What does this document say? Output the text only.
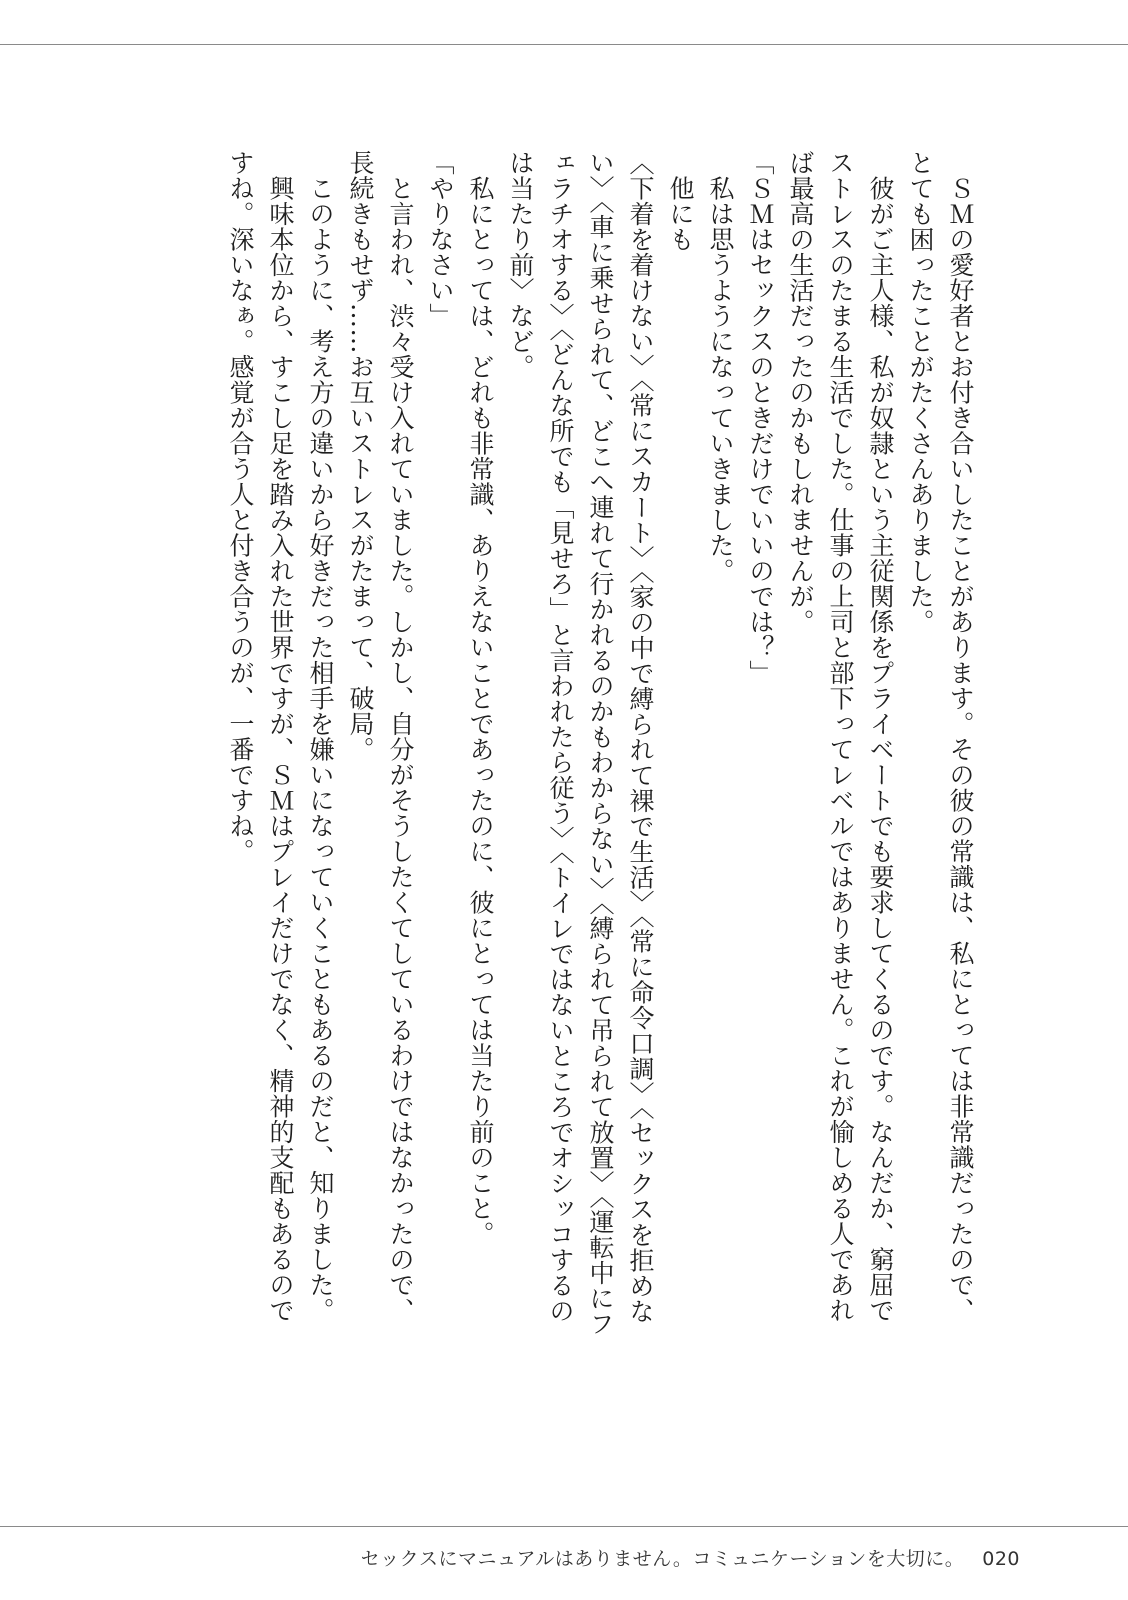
　ＳＭの愛好者とお付き合いしたことがあります。その彼の常識は、私にとっては非常識だったので、とても困ったことがたくさんありました。

　彼がご主人様、私が奴隷という主従関係をプライベートでも要求してくるのです。なんだか、窮屈でストレスのたまる生活でした。仕事の上司と部下ってレベルではありません。これが愉しめる人であれば最高の生活だったのかもしれませんが。

「ＳＭはセックスのときだけでいいのでは？」

　私は思うようになっていきました。

　他にも

〈下着を着けない〉〈常にスカート〉〈家の中で縛られて裸で生活〉〈常に命令口調〉〈セックスを拒めない〉〈車に乗せられて、どこへ連れて行かれるのかもわからない〉〈縛られて吊られて放置〉〈運転中にフェラチオする〉〈どんな所でも「見せろ」と言われたら従う〉〈トイレではないところでオシッコするのは当たり前〉など。

　私にとっては、どれも非常識、ありえないことであったのに、彼にとっては当たり前のこと。

「やりなさい」

　と言われ、渋々受け入れていました。しかし、自分がそうしたくてしているわけではなかったので、長続きもせず……お互いストレスがたまって、破局。

　このように、考え方の違いから好きだった相手を嫌いになっていくこともあるのだと、知りました。

　興味本位から、すこし足を踏み入れた世界ですが、ＳＭはプレイだけでなく、精神的支配もあるのですね。深いなぁ。感覚が合う人と付き合うのが、一番ですね。

セックスにマニュアルはありません。コミュニケーションを大切に。 020
